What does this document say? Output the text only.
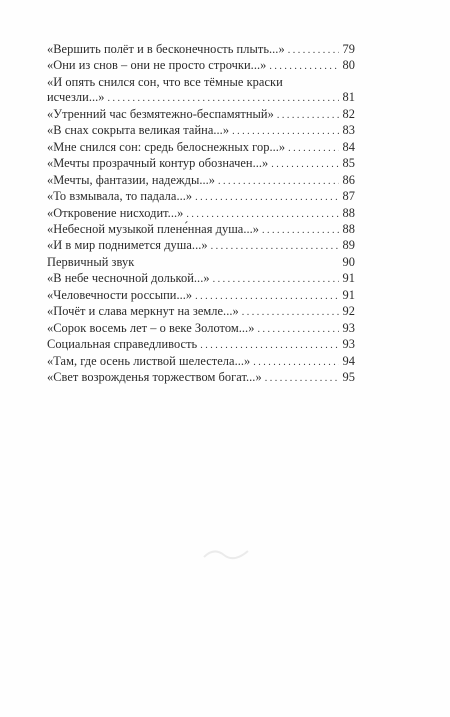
«Вершить полёт и в бесконечность плыть...» . . .	79
«Они из снов – они не просто строчки...» . . .	80
«И опять снился сон, что все тёмные краски
исчезли...» . . .	81
«Утренний час безмятежно-беспамятный» . . .	82
«В снах сокрыта великая тайна...» . . .	83
«Мне снился сон: средь белоснежных гор...» . . .	84
«Мечты прозрачный контур обозначен...» . . .	85
«Мечты, фантазии, надежды...» . . .	86
«То взмывала, то падала...» . . .	87
«Откровение нисходит...» . . .	88
«Небесной музыкой плене́нная душа...» . . .	88
«И в мир поднимется душа...» . . .	89
Первичный звук	90
«В небе чесночной долькой...» . . .	91
«Человечности россыпи...» . . .	91
«Почёт и слава меркнут на земле...» . . .	92
«Сорок восемь лет – о веке Золотом...» . . .	93
Социальная справедливость . . .	93
«Там, где осень листвой шелестела...» . . .	94
«Свет возрожденья торжеством богат...» . . .	95
